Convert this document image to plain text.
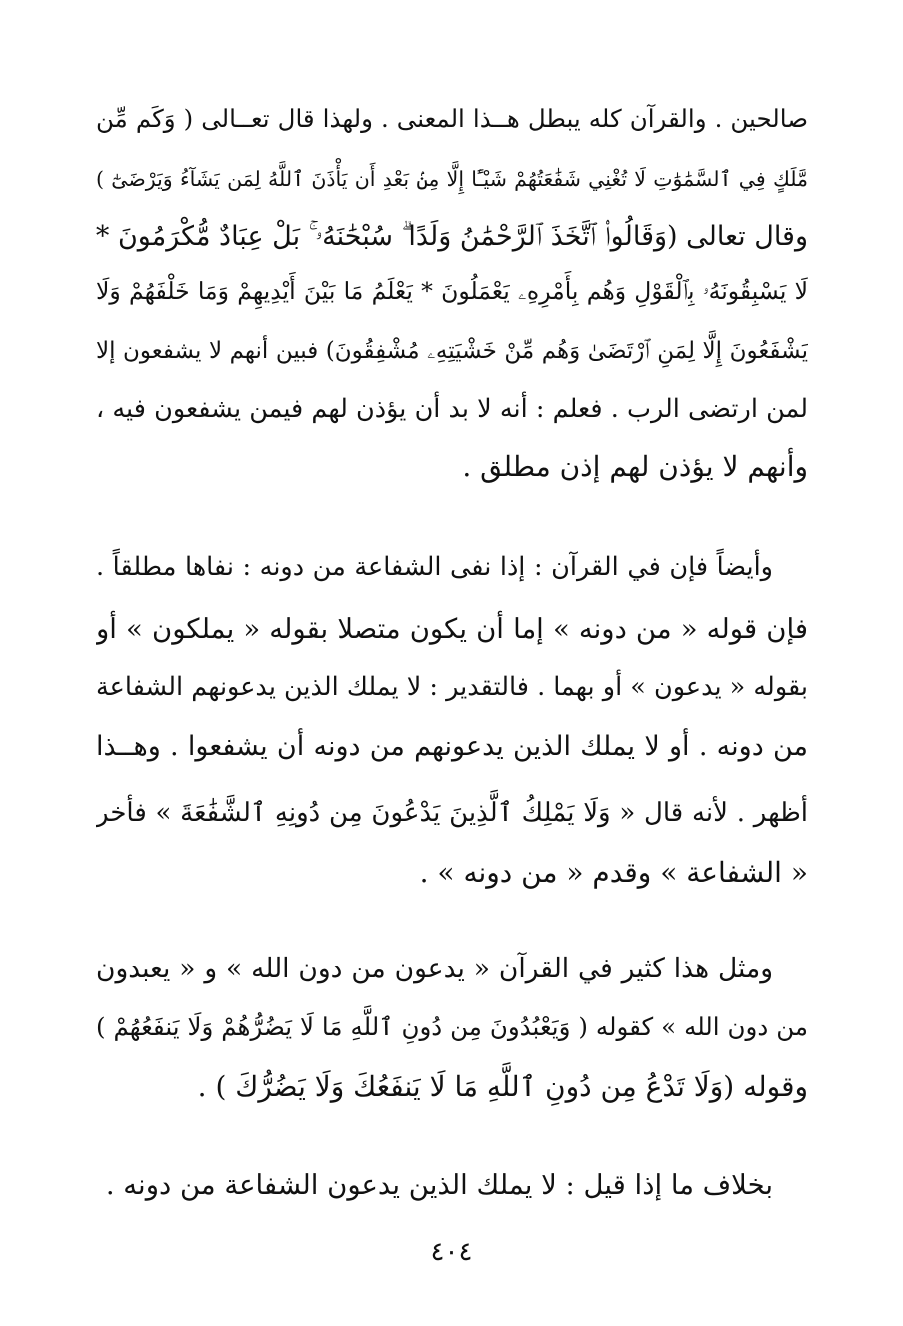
صالحين . والقرآن كله يبطل هــذا المعنى . ولهذا قال تعــالى ( وَكَم مِّن
مَّلَكٍ فِي ٱلسَّمَٰوَٰتِ لَا تُغْنِي شَفَٰعَتُهُمْ شَيْـًٔا إِلَّا مِنۢ بَعْدِ أَن يَأْذَنَ ٱللَّهُ لِمَن يَشَآءُ وَيَرْضَىٰٓ )
وقال تعالى (وَقَالُوا۟ ٱتَّخَذَ ٱلرَّحْمَٰنُ وَلَدًا ۗ سُبْحَٰنَهُۥ ۚ بَلْ عِبَادٌ مُّكْرَمُونَ *
لَا يَسْبِقُونَهُۥ بِٱلْقَوْلِ وَهُم بِأَمْرِهِۦ يَعْمَلُونَ * يَعْلَمُ مَا بَيْنَ أَيْدِيهِمْ وَمَا خَلْفَهُمْ وَلَا
يَشْفَعُونَ إِلَّا لِمَنِ ٱرْتَضَىٰ وَهُم مِّنْ خَشْيَتِهِۦ مُشْفِقُونَ) فبين أنهم لا يشفعون إلا
لمن ارتضى الرب . فعلم : أنه لا بد أن يؤذن لهم فيمن يشفعون فيه ،
وأنهم لا يؤذن لهم إذن مطلق .
وأيضاً فإن في القرآن : إذا نفى الشفاعة من دونه : نفاها مطلقاً .
فإن قوله « من دونه » إما أن يكون متصلا بقوله « يملكون » أو
بقوله « يدعون » أو بهما . فالتقدير : لا يملك الذين يدعونهم الشفاعة
من دونه . أو لا يملك الذين يدعونهم من دونه أن يشفعوا . وهــذا
أظهر . لأنه قال « وَلَا يَمْلِكُ ٱلَّذِينَ يَدْعُونَ مِن دُونِهِ ٱلشَّفَٰعَةَ » فأخر
« الشفاعة » وقدم « من دونه » .
ومثل هذا كثير في القرآن « يدعون من دون الله » و « يعبدون
من دون الله » كقوله ( وَيَعْبُدُونَ مِن دُونِ ٱللَّهِ مَا لَا يَضُرُّهُمْ وَلَا يَنفَعُهُمْ )
وقوله (وَلَا تَدْعُ مِن دُونِ ٱللَّهِ مَا لَا يَنفَعُكَ وَلَا يَضُرُّكَ ) .
بخلاف ما إذا قيل : لا يملك الذين يدعون الشفاعة من دونه .
٤٠٤
